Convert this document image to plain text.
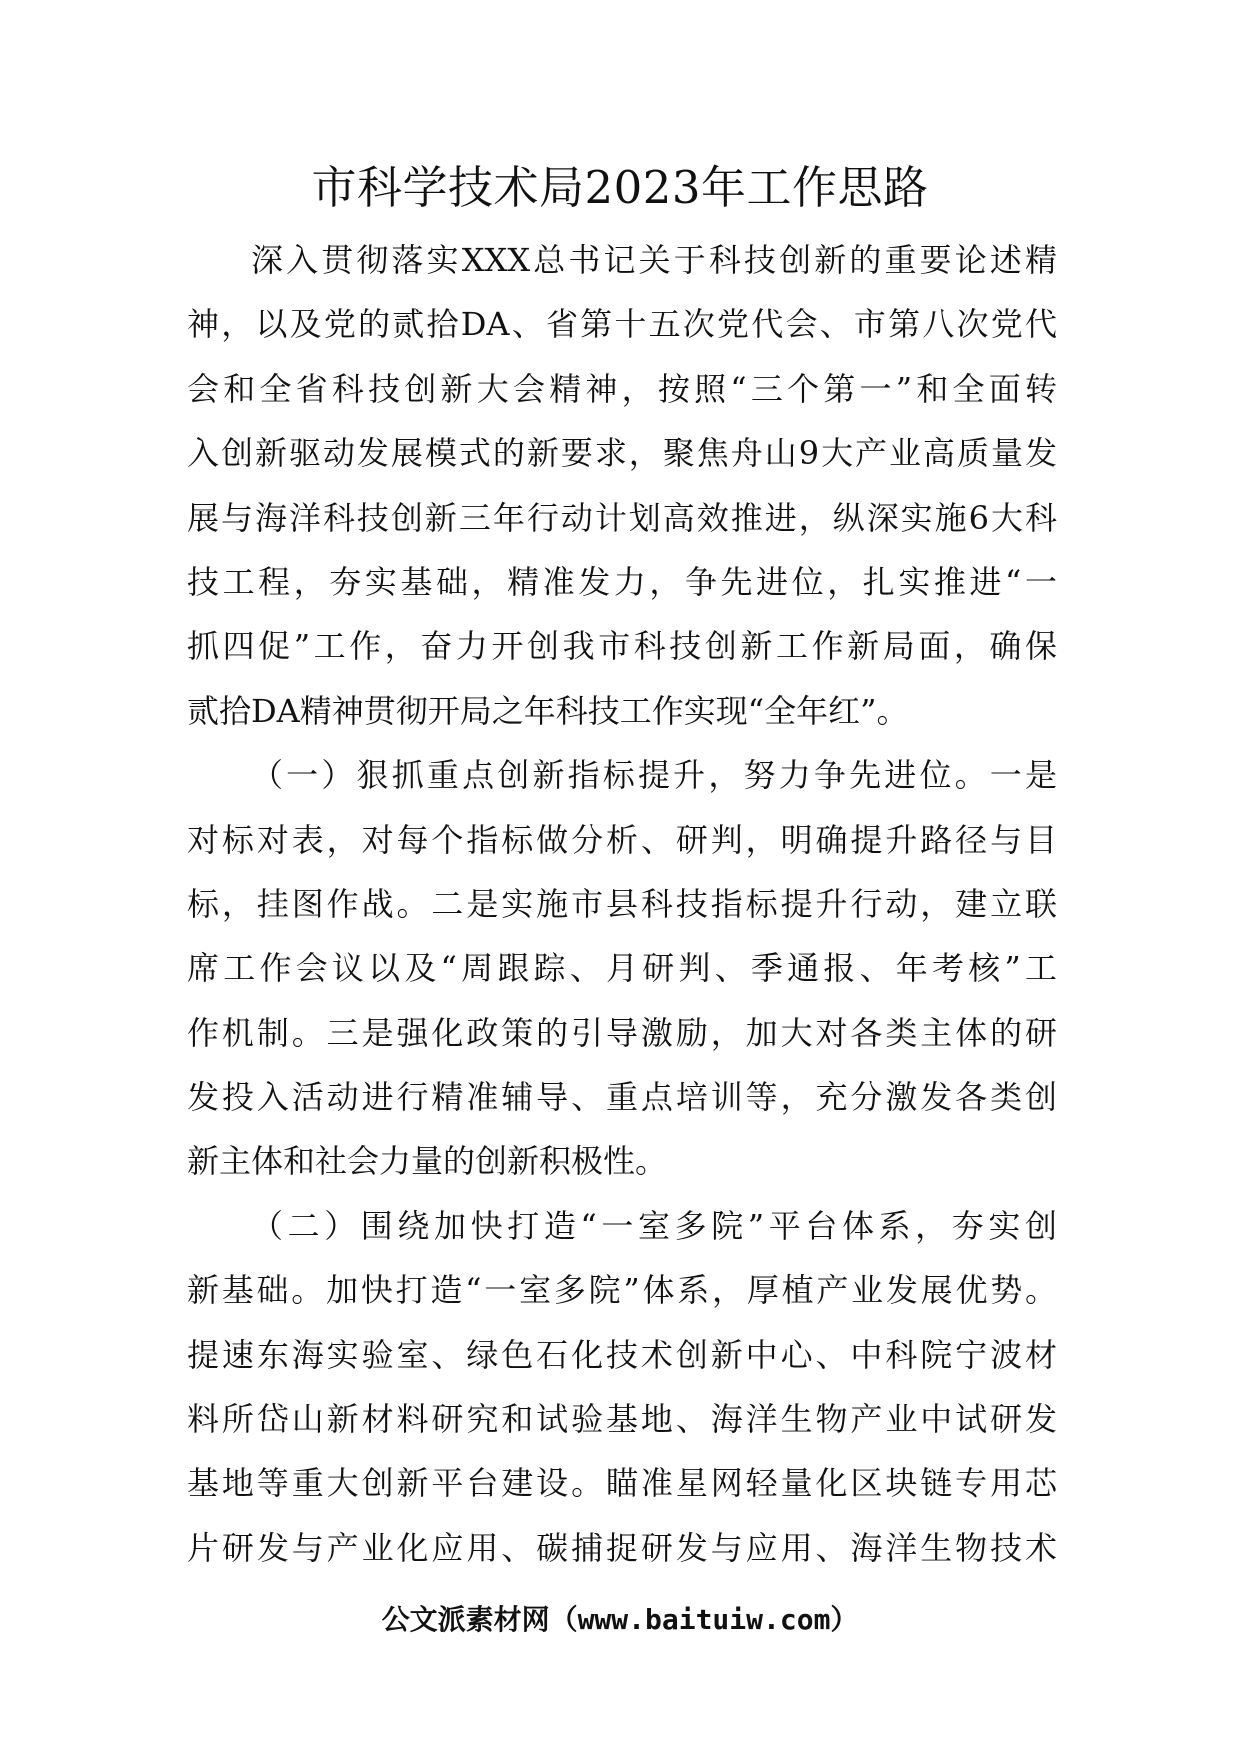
市科学技术局2023年工作思路
深入贯彻落实XXX总书记关于科技创新的重要论述精
神，以及党的贰拾DA、省第十五次党代会、市第八次党代
会和全省科技创新大会精神，按照“三个第一”和全面转
入创新驱动发展模式的新要求，聚焦舟山9大产业高质量发
展与海洋科技创新三年行动计划高效推进，纵深实施6大科
技工程，夯实基础，精准发力，争先进位，扎实推进“一
抓四促”工作，奋力开创我市科技创新工作新局面，确保
贰拾DA精神贯彻开局之年科技工作实现“全年红”。
（一）狠抓重点创新指标提升，努力争先进位。一是
对标对表，对每个指标做分析、研判，明确提升路径与目
标，挂图作战。二是实施市县科技指标提升行动，建立联
席工作会议以及“周跟踪、月研判、季通报、年考核”工
作机制。三是强化政策的引导激励，加大对各类主体的研
发投入活动进行精准辅导、重点培训等，充分激发各类创
新主体和社会力量的创新积极性。
（二）围绕加快打造“一室多院”平台体系，夯实创
新基础。加快打造“一室多院”体系，厚植产业发展优势。
提速东海实验室、绿色石化技术创新中心、中科院宁波材
料所岱山新材料研究和试验基地、海洋生物产业中试研发
基地等重大创新平台建设。瞄准星网轻量化区块链专用芯
片研发与产业化应用、碳捕捉研发与应用、海洋生物技术
公文派素材网（www.baituiw.com）
